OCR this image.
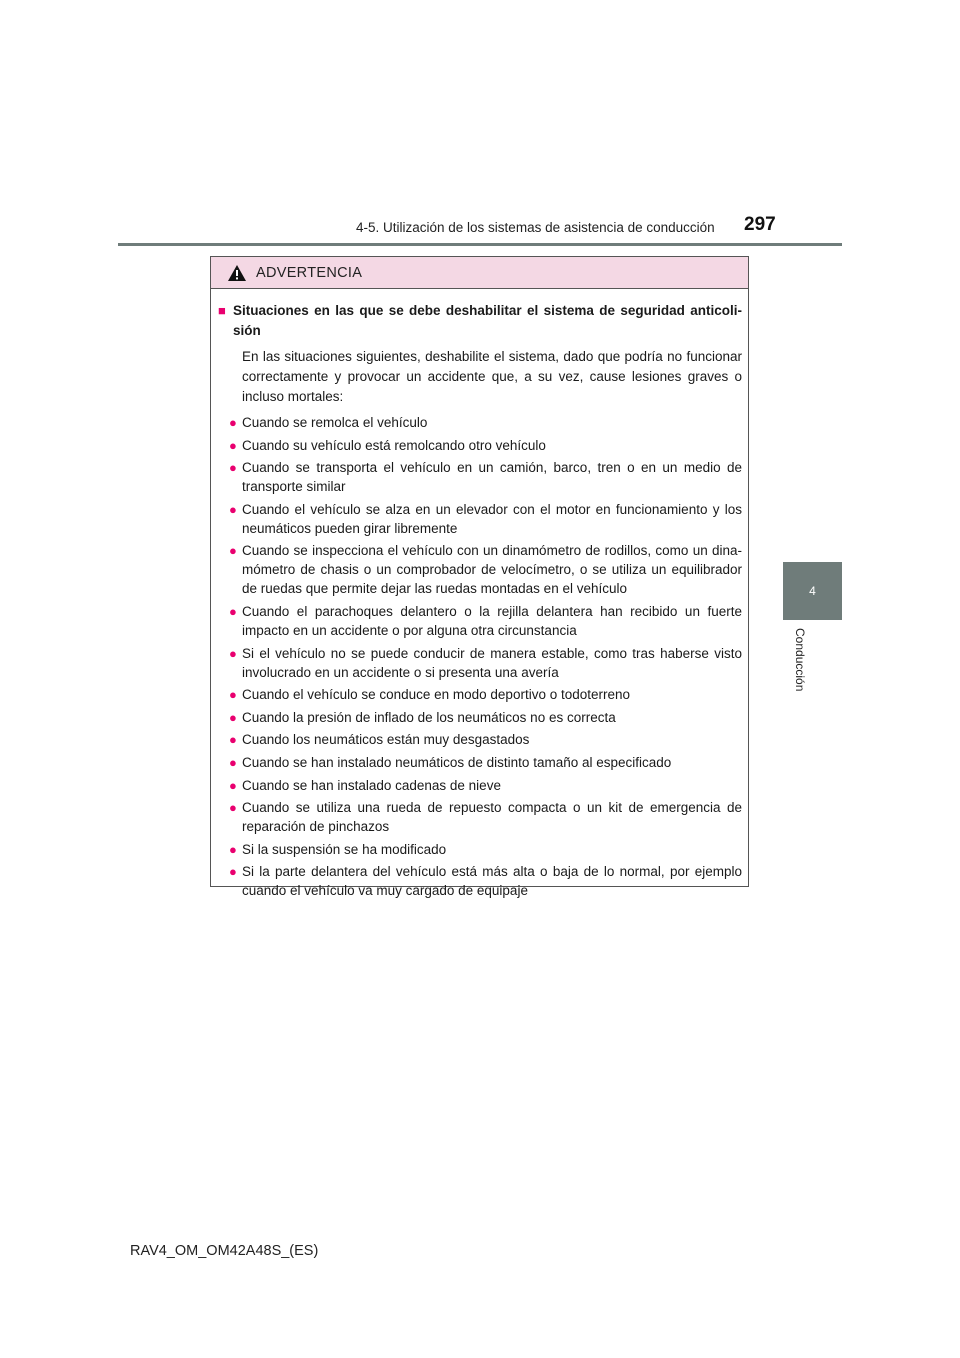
4-5. Utilización de los sistemas de asistencia de conducción 297
4
Conducción
ADVERTENCIA
■ Situaciones en las que se debe deshabilitar el sistema de seguridad anticoli-sión
En las situaciones siguientes, deshabilite el sistema, dado que podría no funcionar correctamente y provocar un accidente que, a su vez, cause lesiones graves o incluso mortales:
● Cuando se remolca el vehículo
● Cuando su vehículo está remolcando otro vehículo
● Cuando se transporta el vehículo en un camión, barco, tren o en un medio de transporte similar
● Cuando el vehículo se alza en un elevador con el motor en funcionamiento y los neumáticos pueden girar libremente
● Cuando se inspecciona el vehículo con un dinamómetro de rodillos, como un dina-mómetro de chasis o un comprobador de velocímetro, o se utiliza un equilibrador de ruedas que permite dejar las ruedas montadas en el vehículo
● Cuando el parachoques delantero o la rejilla delantera han recibido un fuerte impacto en un accidente o por alguna otra circunstancia
● Si el vehículo no se puede conducir de manera estable, como tras haberse visto involucrado en un accidente o si presenta una avería
● Cuando el vehículo se conduce en modo deportivo o todoterreno
● Cuando la presión de inflado de los neumáticos no es correcta
● Cuando los neumáticos están muy desgastados
● Cuando se han instalado neumáticos de distinto tamaño al especificado
● Cuando se han instalado cadenas de nieve
● Cuando se utiliza una rueda de repuesto compacta o un kit de emergencia de reparación de pinchazos
● Si la suspensión se ha modificado
● Si la parte delantera del vehículo está más alta o baja de lo normal, por ejemplo cuando el vehículo va muy cargado de equipaje
RAV4_OM_OM42A48S_(ES)
